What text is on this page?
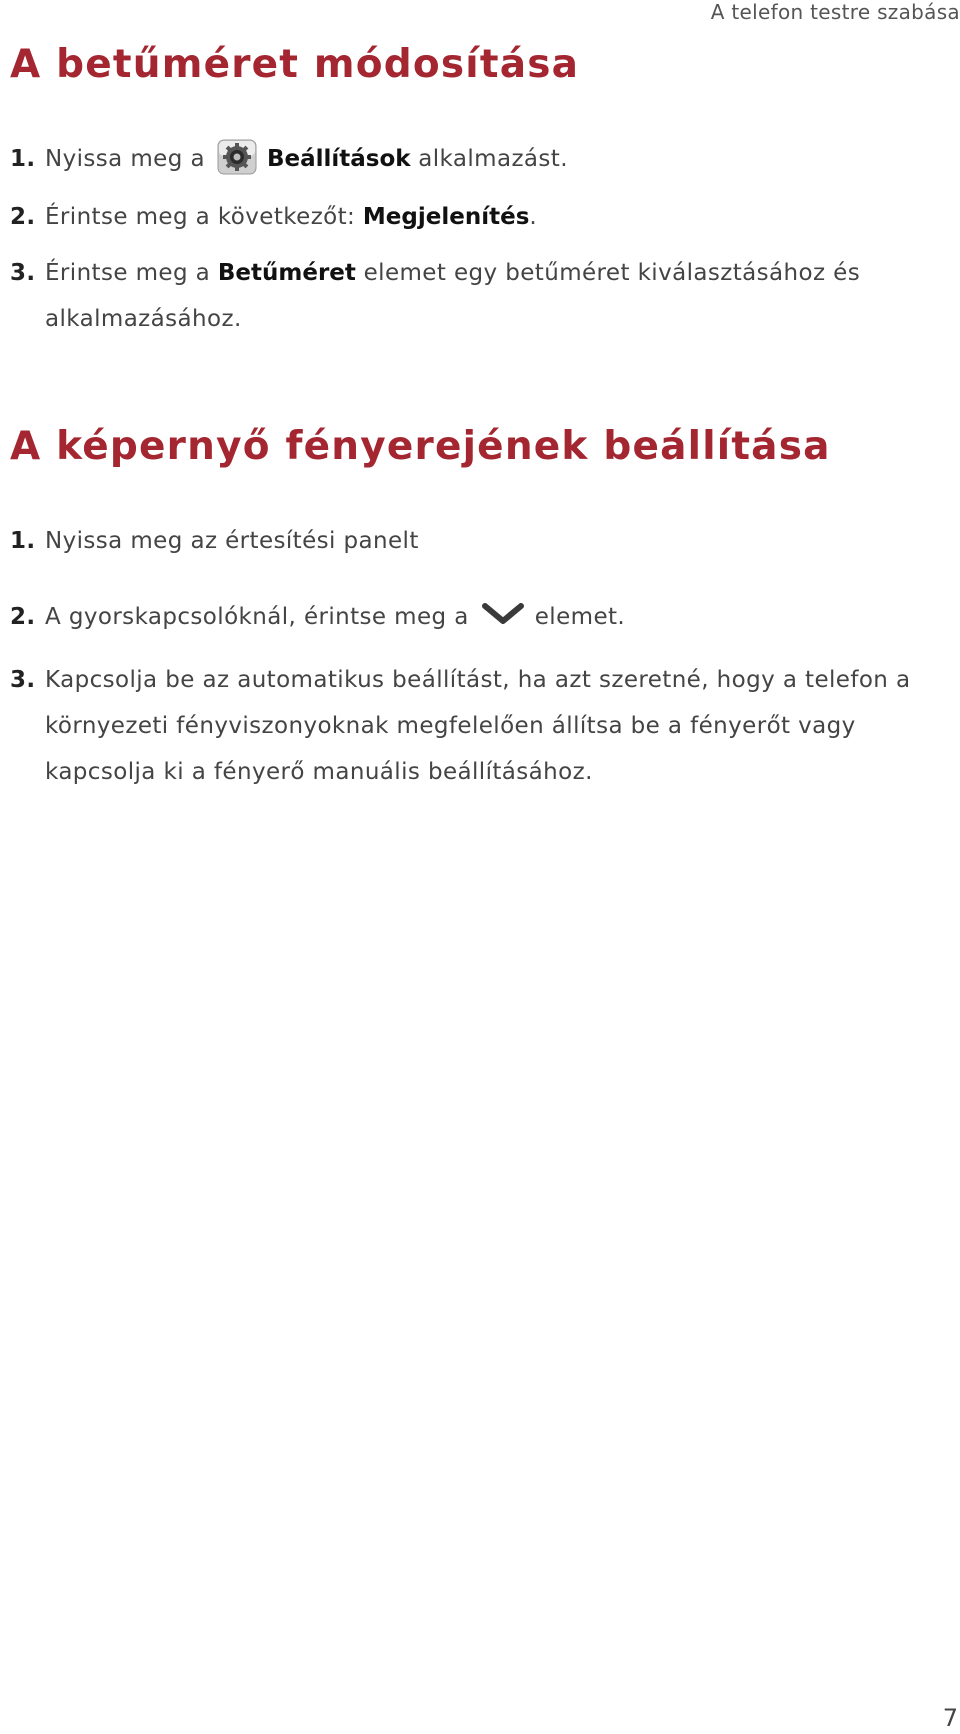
A telefon testre szabása
A betűméret módosítása
1. Nyissa meg a	Beállítások alkalmazást.
2. Érintse meg a következőt: Megjelenítés.
3. Érintse meg a Betűméret elemet egy betűméret kiválasztásához és
alkalmazásához.
A képernyő fényerejének beállítása
1. Nyissa meg az értesítési panelt
2. A gyorskapcsolóknál, érintse meg a	elemet.
3. Kapcsolja be az automatikus beállítást, ha azt szeretné, hogy a telefon a
környezeti fényviszonyoknak megfelelően állítsa be a fényerőt vagy
kapcsolja ki a fényerő manuális beállításához.
7
